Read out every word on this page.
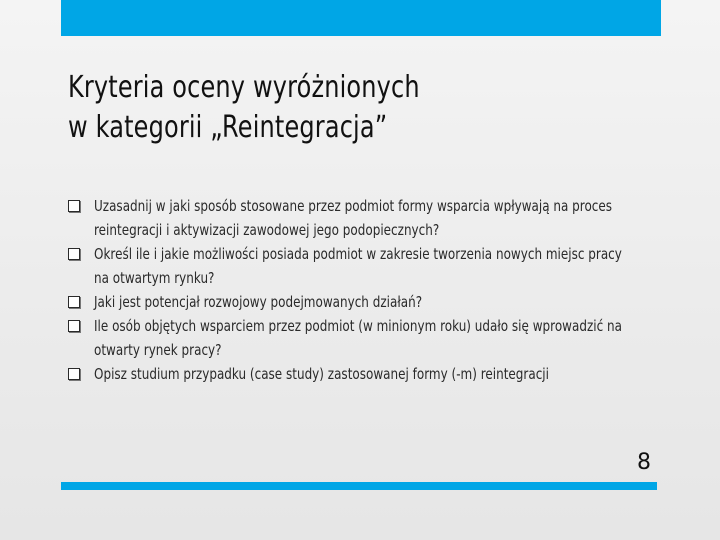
Kryteria oceny wyróżnionych
w kategorii „Reintegracja”
Uzasadnij w jaki sposób stosowane przez podmiot formy wsparcia wpływają na proces reintegracji i aktywizacji zawodowej jego podopiecznych?
Określ ile i jakie możliwości posiada podmiot w zakresie tworzenia nowych miejsc pracy na otwartym rynku?
Jaki jest potencjał rozwojowy podejmowanych działań?
Ile osób objętych wsparciem przez podmiot (w minionym roku) udało się wprowadzić na otwarty rynek pracy?
Opisz studium przypadku (case study) zastosowanej formy (-m) reintegracji
8
